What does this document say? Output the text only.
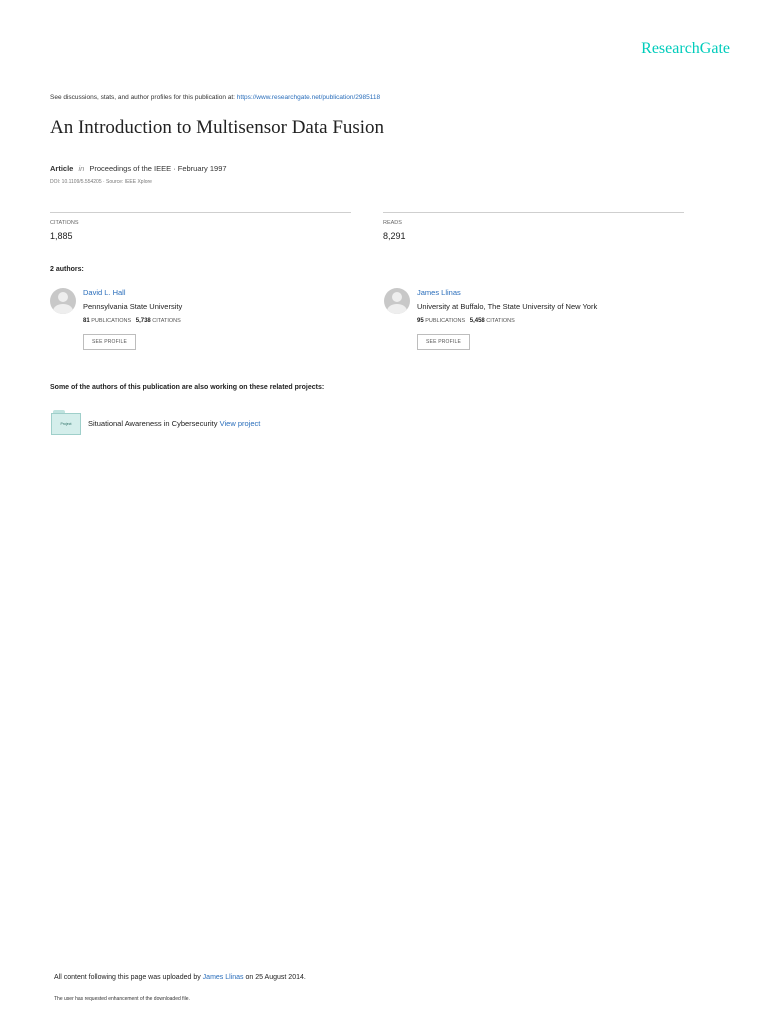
ResearchGate
See discussions, stats, and author profiles for this publication at: https://www.researchgate.net/publication/2985118
An Introduction to Multisensor Data Fusion
Article in Proceedings of the IEEE · February 1997
DOI: 10.1109/5.554205 · Source: IEEE Xplore
CITATIONS
1,885
READS
8,291
2 authors:
David L. Hall
Pennsylvania State University
81 PUBLICATIONS 5,738 CITATIONS
SEE PROFILE
James Llinas
University at Buffalo, The State University of New York
95 PUBLICATIONS 5,458 CITATIONS
SEE PROFILE
Some of the authors of this publication are also working on these related projects:
Project	Situational Awareness in Cybersecurity View project
All content following this page was uploaded by James Llinas on 25 August 2014.
The user has requested enhancement of the downloaded file.
